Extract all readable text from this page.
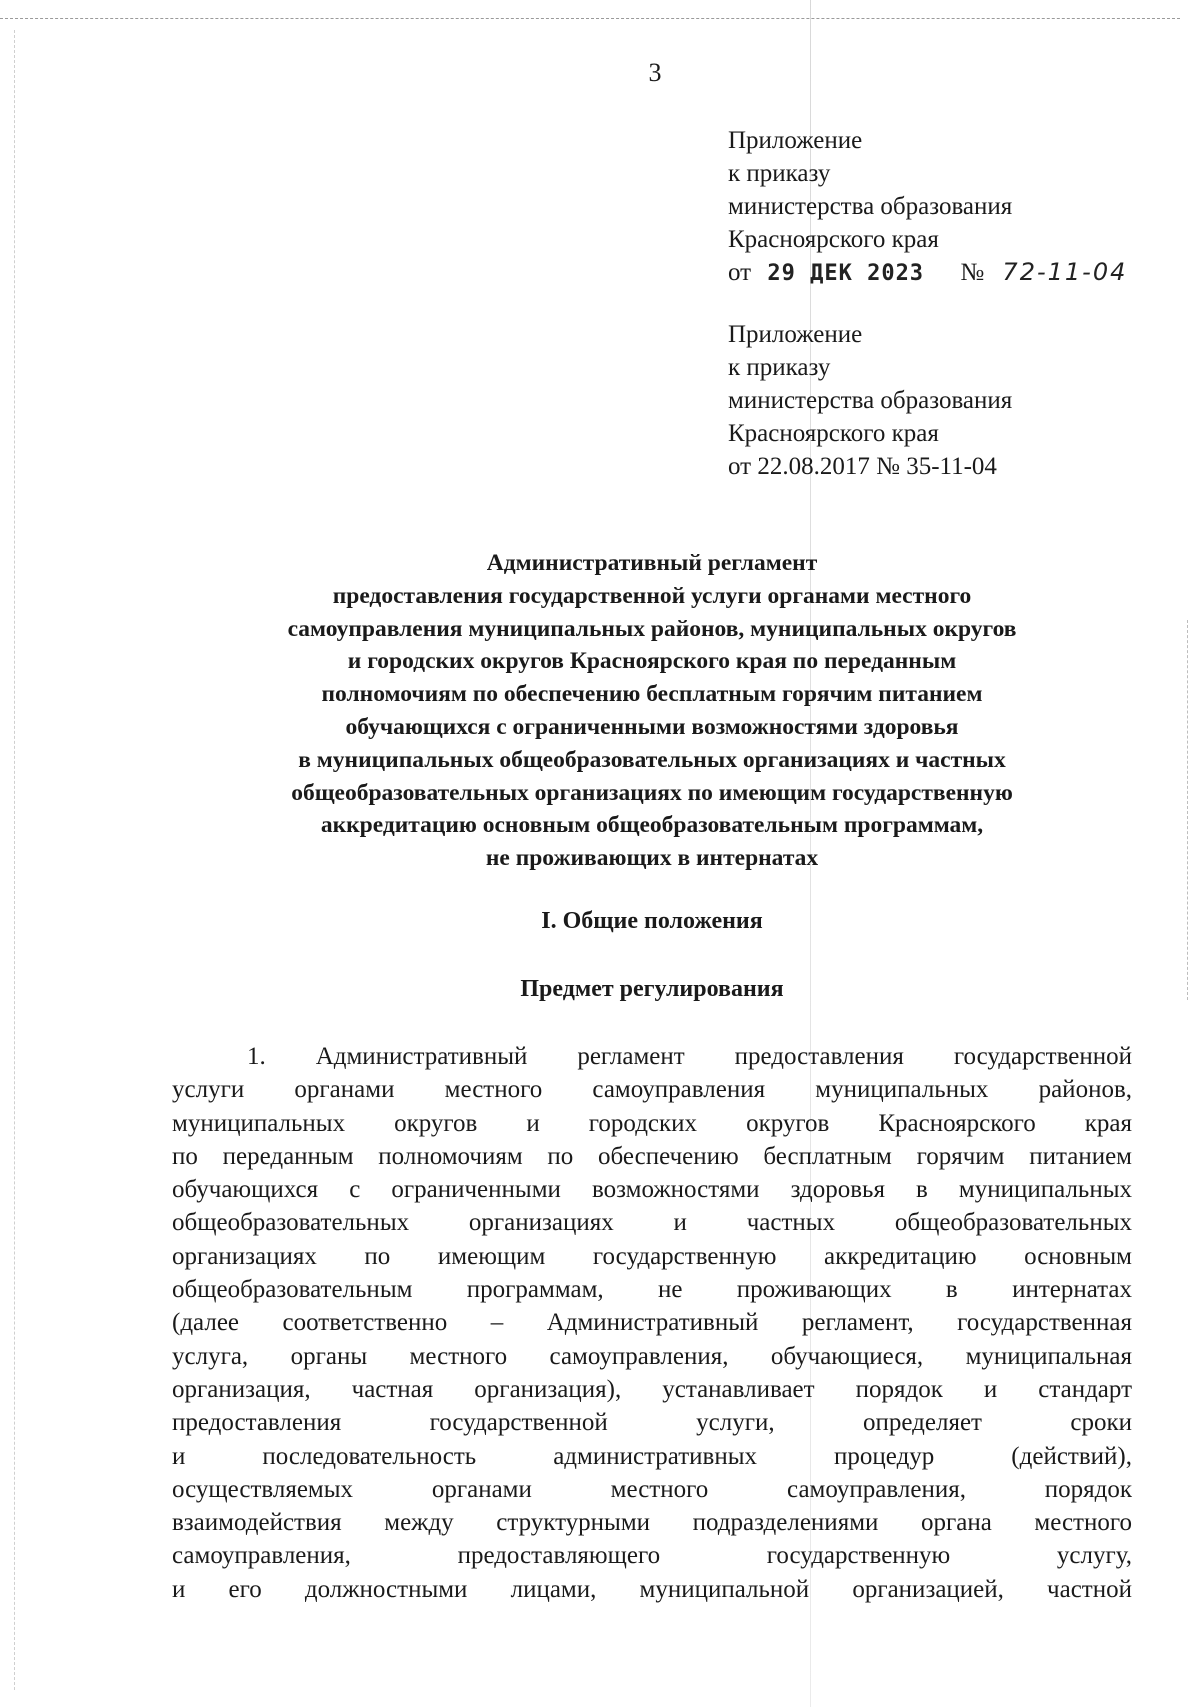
3
Приложение
к приказу
министерства образования
Красноярского края
от 29 ДЕК 2023 № 72-11-04
Приложение
к приказу
министерства образования
Красноярского края
от 22.08.2017 № 35-11-04
Административный регламент
предоставления государственной услуги органами местного
самоуправления муниципальных районов, муниципальных округов
и городских округов Красноярского края по переданным
полномочиям по обеспечению бесплатным горячим питанием
обучающихся с ограниченными возможностями здоровья
в муниципальных общеобразовательных организациях и частных
общеобразовательных организациях по имеющим государственную
аккредитацию основным общеобразовательным программам,
не проживающих в интернатах
I. Общие положения
Предмет регулирования
1. Административный регламент предоставления государственной
услуги органами местного самоуправления муниципальных районов,
муниципальных округов и городских округов Красноярского края
по переданным полномочиям по обеспечению бесплатным горячим питанием
обучающихся с ограниченными возможностями здоровья в муниципальных
общеобразовательных организациях и частных общеобразовательных
организациях по имеющим государственную аккредитацию основным
общеобразовательным программам, не проживающих в интернатах
(далее соответственно – Административный регламент, государственная
услуга, органы местного самоуправления, обучающиеся, муниципальная
организация, частная организация), устанавливает порядок и стандарт
предоставления государственной услуги, определяет сроки
и последовательность административных процедур (действий),
осуществляемых органами местного самоуправления, порядок
взаимодействия между структурными подразделениями органа местного
самоуправления, предоставляющего государственную услугу,
и его должностными лицами, муниципальной организацией, частной
